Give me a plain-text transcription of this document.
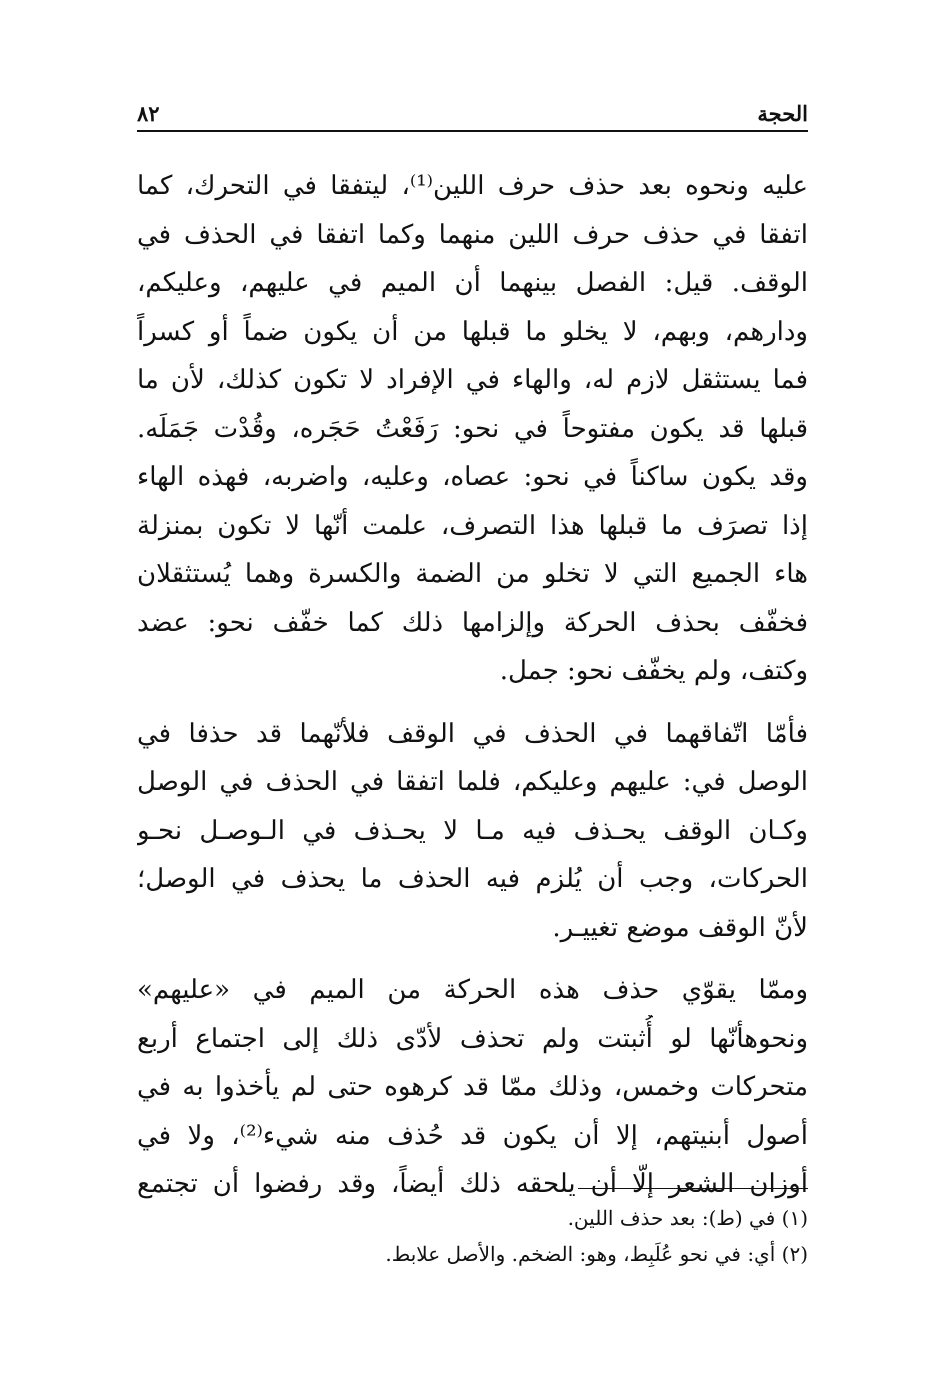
الحجة
٨٢
عليه ونحوه بعد حذف حرف اللين⁽¹⁾، ليتفقا في التحرك، كما
اتفقا في حذف حرف اللين منهما وكما اتفقا في الحذف في
الوقف. قيل: الفصل بينهما أن الميم في عليهم، وعليكم،
ودارهم، وبهم، لا يخلو ما قبلها من أن يكون ضماً أو كسراً
فما يستثقل لازم له، والهاء في الإفراد لا تكون كذلك، لأن ما
قبلها قد يكون مفتوحاً في نحو: رَفَعْتُ حَجَره، وقُدْت جَمَلَه.
وقد يكون ساكناً في نحو: عصاه، وعليه، واضربه، فهذه الهاء
إذا تصرَف ما قبلها هذا التصرف، علمت أنّها لا تكون بمنزلة
هاء الجميع التي لا تخلو من الضمة والكسرة وهما يُستثقلان
فخفّف بحذف الحركة وإلزامها ذلك كما خفّف نحو: عضد
وكتف، ولم يخفّف نحو: جمل.
فأمّا اتّفاقهما في الحذف في الوقف فلأنّهما قد حذفا في
الوصل في: عليهم وعليكم، فلما اتفقا في الحذف في الوصل
وكـان الوقف يحـذف فيه مـا لا يحـذف في الـوصـل نحـو
الحركات، وجب أن يُلزم فيه الحذف ما يحذف في الوصل؛
لأنّ الوقف موضع تغييـر.
وممّا يقوّي حذف هذه الحركة من الميم في «عليهم»
ونحوهأنّها لو أُثبتت ولم تحذف لأدّى ذلك إلى اجتماع أربع
متحركات وخمس، وذلك ممّا قد كرهوه حتى لم يأخذوا به في
أصول أبنيتهم، إلا أن يكون قد حُذف منه شيء⁽²⁾، ولا في
أوزان الشعر إلّا أن يلحقه ذلك أيضاً، وقد رفضوا أن تجتمع
(١) في (ط): بعد حذف اللين.
(٢) أي: في نحو عُلَبِط، وهو: الضخم. والأصل علابط.
